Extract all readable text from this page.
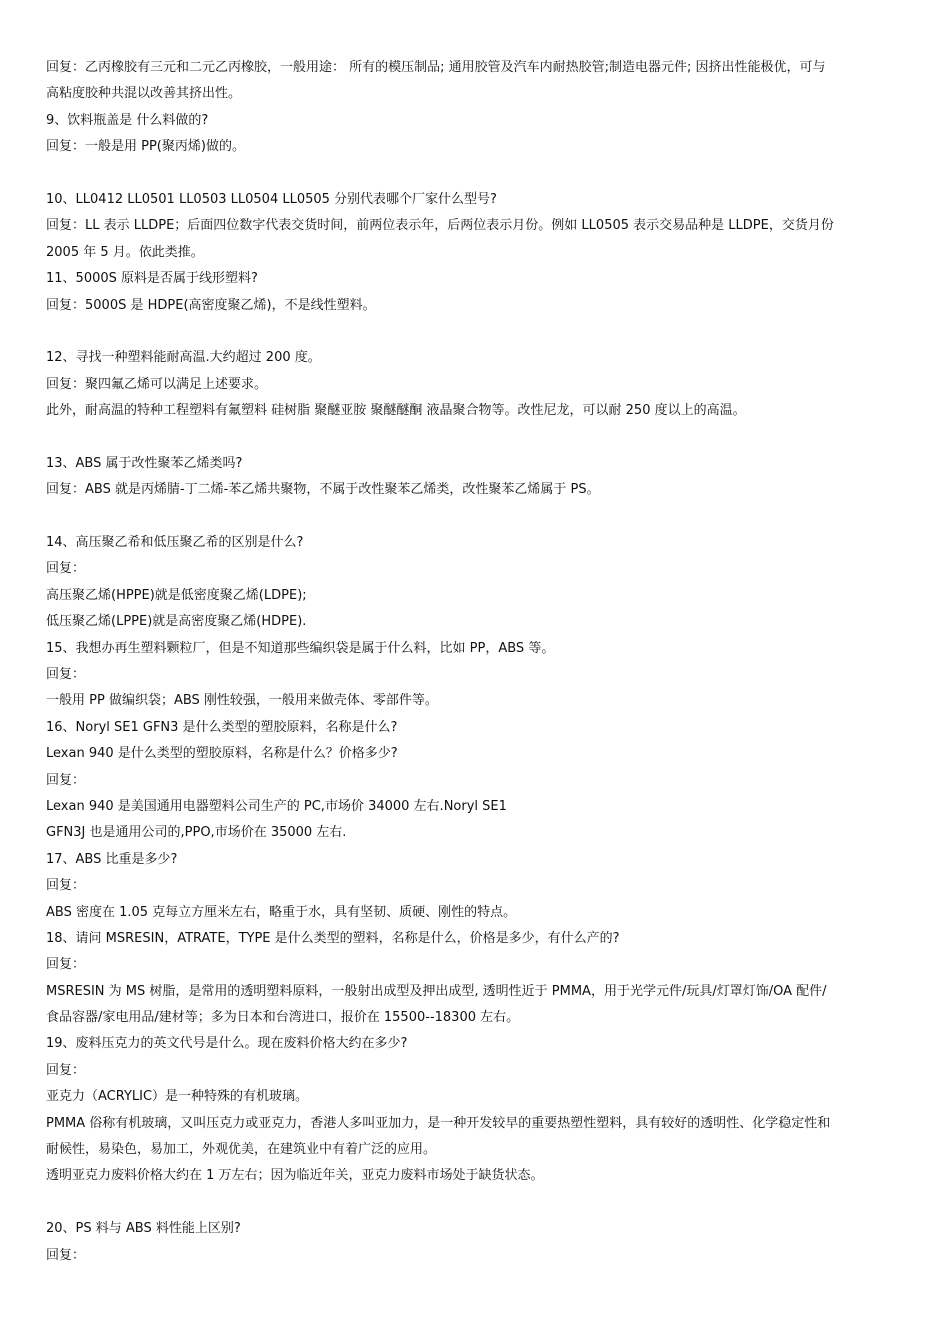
回复：乙丙橡胶有三元和二元乙丙橡胶，一般用途： 所有的模压制品; 通用胶管及汽车内耐热胶管;制造电器元件; 因挤出性能极优，可与
高粘度胶种共混以改善其挤出性。
9、饮料瓶盖是 什么料做的?
回复：一般是用 PP(聚丙烯)做的。
10、LL0412 LL0501 LL0503 LL0504 LL0505 分别代表哪个厂家什么型号?
回复：LL 表示 LLDPE；后面四位数字代表交货时间，前两位表示年，后两位表示月份。例如 LL0505 表示交易品种是 LLDPE，交货月份
2005 年 5 月。依此类推。
11、5000S 原料是否属于线形塑料?
回复：5000S 是 HDPE(高密度聚乙烯)，不是线性塑料。
12、寻找一种塑料能耐高温.大约超过 200 度。
回复：聚四氟乙烯可以满足上述要求。
此外，耐高温的特种工程塑料有氟塑料 硅树脂 聚醚亚胺 聚醚醚酮 液晶聚合物等。改性尼龙，可以耐 250 度以上的高温。
13、ABS 属于改性聚苯乙烯类吗?
回复：ABS 就是丙烯腈-丁二烯-苯乙烯共聚物，不属于改性聚苯乙烯类，改性聚苯乙烯属于 PS。
14、高压聚乙希和低压聚乙希的区别是什么?
回复：
高压聚乙烯(HPPE)就是低密度聚乙烯(LDPE);
低压聚乙烯(LPPE)就是高密度聚乙烯(HDPE).
15、我想办再生塑料颗粒厂，但是不知道那些编织袋是属于什么料，比如 PP，ABS 等。
回复：
一般用 PP 做编织袋；ABS 刚性较强，一般用来做壳体、零部件等。
16、Noryl SE1 GFN3 是什么类型的塑胶原料，名称是什么?
Lexan 940 是什么类型的塑胶原料，名称是什么？价格多少?
回复：
Lexan 940 是美国通用电器塑料公司生产的 PC,市场价 34000 左右.Noryl SE1
GFN3J 也是通用公司的,PPO,市场价在 35000 左右.
17、ABS 比重是多少?
回复：
ABS 密度在 1.05 克每立方厘米左右，略重于水，具有坚韧、质硬、刚性的特点。
18、请问 MSRESIN，ATRATE，TYPE 是什么类型的塑料，名称是什么，价格是多少，有什么产的?
回复：
MSRESIN 为 MS 树脂，是常用的透明塑料原料，一般射出成型及押出成型, 透明性近于 PMMA，用于光学元件/玩具/灯罩灯饰/OA 配件/
食品容器/家电用品/建材等；多为日本和台湾进口，报价在 15500--18300 左右。
19、废料压克力的英文代号是什么。现在废料价格大约在多少?
回复：
亚克力（ACRYLIC）是一种特殊的有机玻璃。
PMMA 俗称有机玻璃，又叫压克力或亚克力，香港人多叫亚加力，是一种开发较早的重要热塑性塑料，具有较好的透明性、化学稳定性和
耐候性，易染色，易加工，外观优美，在建筑业中有着广泛的应用。
透明亚克力废料价格大约在 1 万左右；因为临近年关，亚克力废料市场处于缺货状态。
20、PS 料与 ABS 料性能上区别?
回复：
